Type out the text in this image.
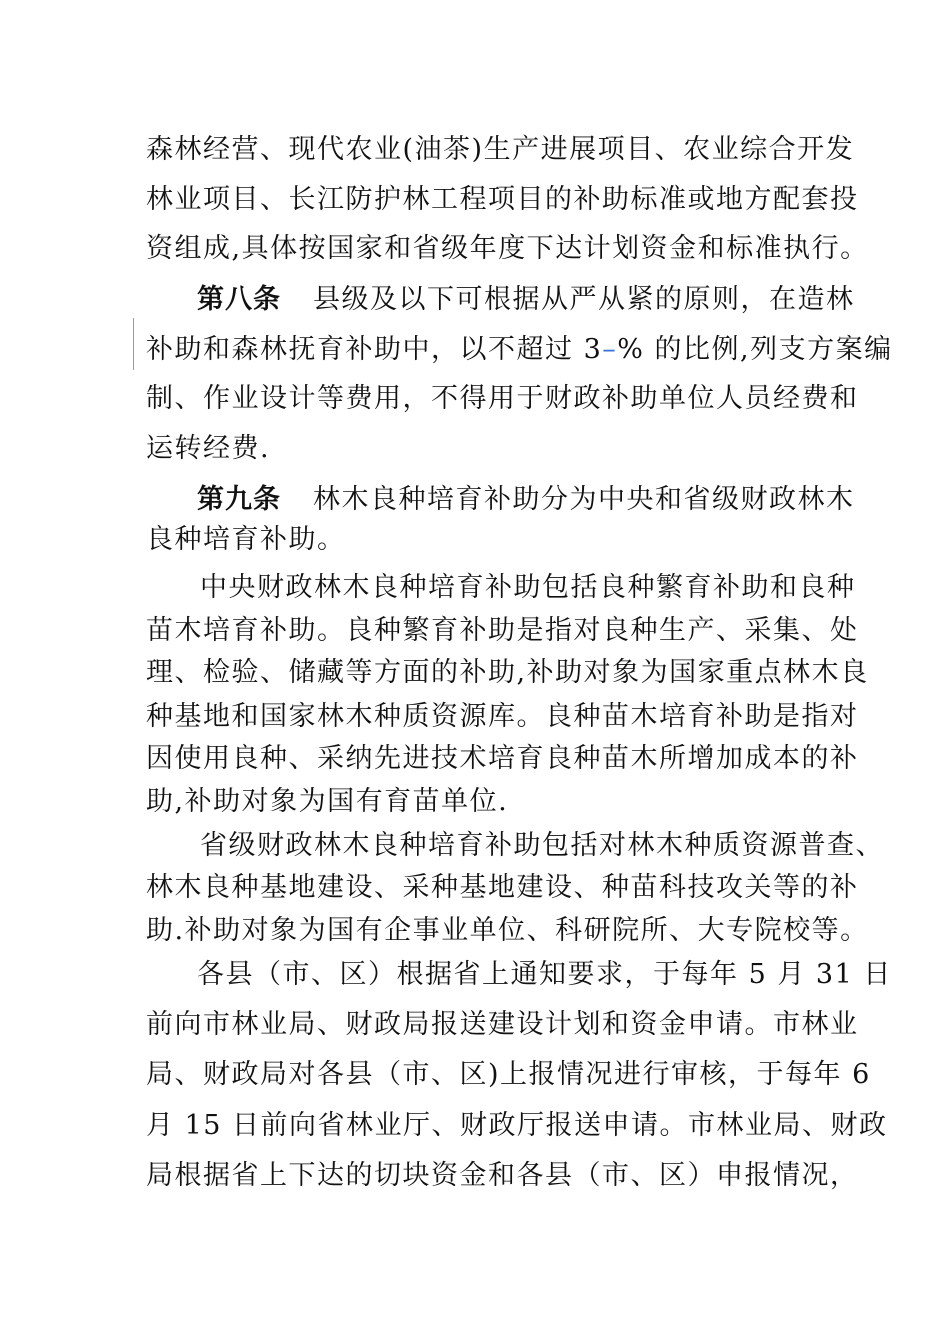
森林经营、现代农业(油茶)生产进展项目、农业综合开发
林业项目、长江防护林工程项目的补助标准或地方配套投
资组成,具体按国家和省级年度下达计划资金和标准执行。
第八条 县级及以下可根据从严从紧的原则，在造林
补助和森林抚育补助中，以不超过 3–% 的比例,列支方案编
制、作业设计等费用，不得用于财政补助单位人员经费和
运转经费.
第九条 林木良种培育补助分为中央和省级财政林木
良种培育补助。
中央财政林木良种培育补助包括良种繁育补助和良种
苗木培育补助。良种繁育补助是指对良种生产、采集、处
理、检验、储藏等方面的补助,补助对象为国家重点林木良
种基地和国家林木种质资源库。良种苗木培育补助是指对
因使用良种、采纳先进技术培育良种苗木所增加成本的补
助,补助对象为国有育苗单位.
省级财政林木良种培育补助包括对林木种质资源普查、
林木良种基地建设、采种基地建设、种苗科技攻关等的补
助.补助对象为国有企事业单位、科研院所、大专院校等。
各县（市、区）根据省上通知要求，于每年 5 月 31 日
前向市林业局、财政局报送建设计划和资金申请。市林业
局、财政局对各县（市、区)上报情况进行审核，于每年 6
月 15 日前向省林业厅、财政厅报送申请。市林业局、财政
局根据省上下达的切块资金和各县（市、区）申报情况，
